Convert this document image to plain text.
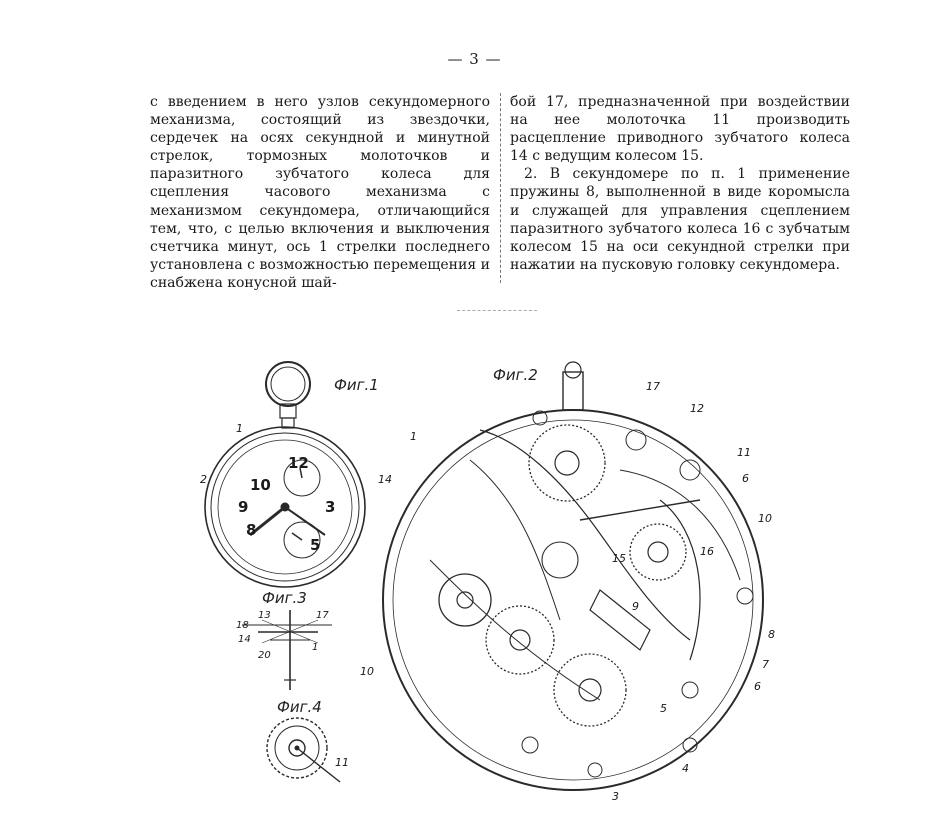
— 3 —

с введением в него узлов секундомерного механизма, состоящий из звездочки, сердечек на осях секундной и минутной стрелок, тормозных молоточков и паразитного зубчатого колеса для сцепления часового механизма с механизмом секундомера, отличающийся тем, что, с целью включения и выключения счетчика минут, ось 1 стрелки последнего установлена с возможностью перемещения и снабжена конусной шай-

бой 17, предназначенной при воздействии на нее молоточка 11 производить расцепление приводного зубчатого колеса 14 с ведущим колесом 15.

2. В секундомере по п. 1 применение пружины 8, выполненной в виде коромысла и служащей для управления сцеплением паразитного зубчатого колеса 16 с зубчатым колесом 15 на оси секундной стрелки при нажатии на пусковую головку секундомера.

Фиг.1
Фиг.2
Фиг.3
Фиг.4
12
10
9	3
8
5
1
2	14
18
13
14
17
20
1
11
17
12
11
6
10
16
15
9
8
7
6
5
4
3
1
10
